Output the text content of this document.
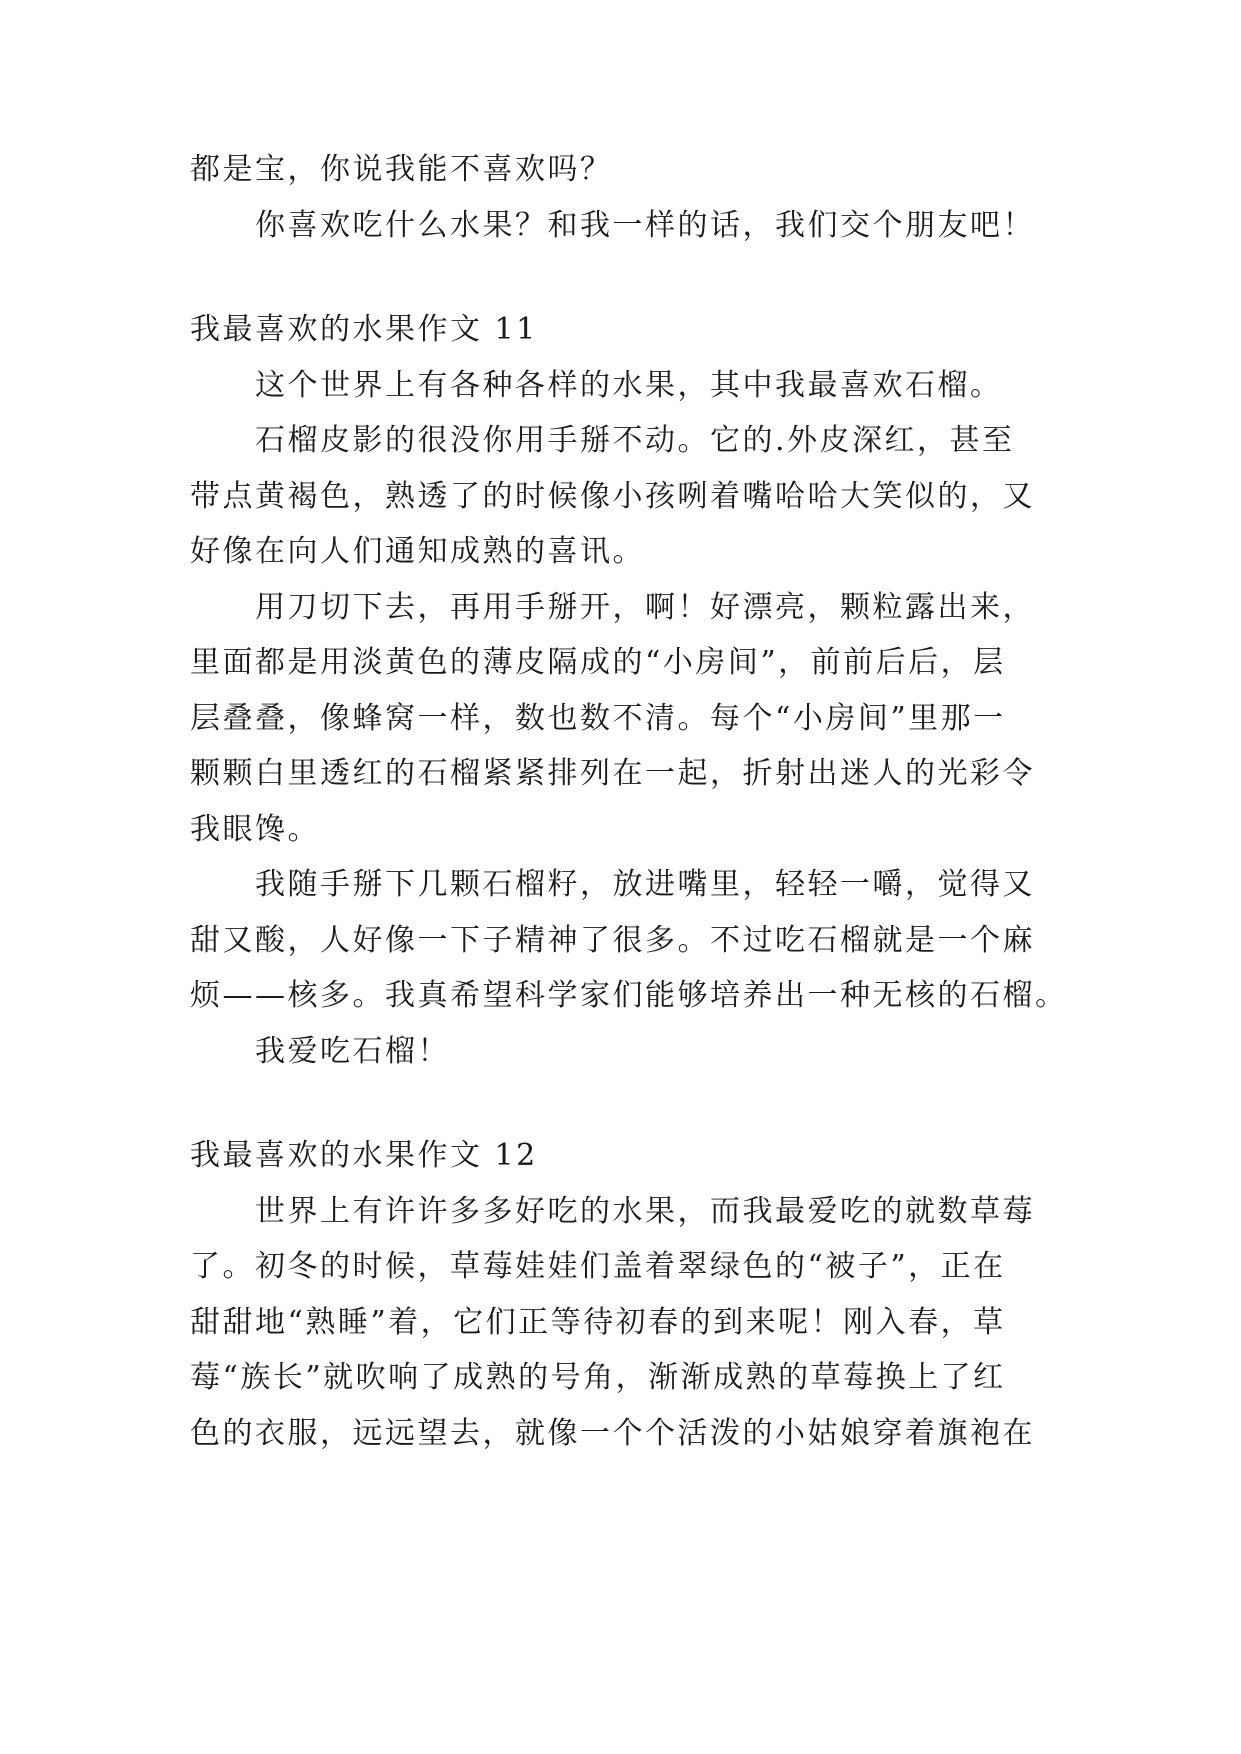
都是宝，你说我能不喜欢吗？
你喜欢吃什么水果？和我一样的话，我们交个朋友吧！
我最喜欢的水果作文 11
这个世界上有各种各样的水果，其中我最喜欢石榴。
石榴皮影的很没你用手掰不动。它的.外皮深红，甚至
带点黄褐色，熟透了的时候像小孩咧着嘴哈哈大笑似的，又
好像在向人们通知成熟的喜讯。
用刀切下去，再用手掰开，啊！好漂亮，颗粒露出来，
里面都是用淡黄色的薄皮隔成的“小房间”，前前后后，层
层叠叠，像蜂窝一样，数也数不清。每个“小房间”里那一
颗颗白里透红的石榴紧紧排列在一起，折射出迷人的光彩令
我眼馋。
我随手掰下几颗石榴籽，放进嘴里，轻轻一嚼，觉得又
甜又酸，人好像一下子精神了很多。不过吃石榴就是一个麻
烦——核多。我真希望科学家们能够培养出一种无核的石榴。
我爱吃石榴！
我最喜欢的水果作文 12
世界上有许许多多好吃的水果，而我最爱吃的就数草莓
了。初冬的时候，草莓娃娃们盖着翠绿色的“被子”，正在
甜甜地“熟睡”着，它们正等待初春的到来呢！刚入春，草
莓“族长”就吹响了成熟的号角，渐渐成熟的草莓换上了红
色的衣服，远远望去，就像一个个活泼的小姑娘穿着旗袍在
